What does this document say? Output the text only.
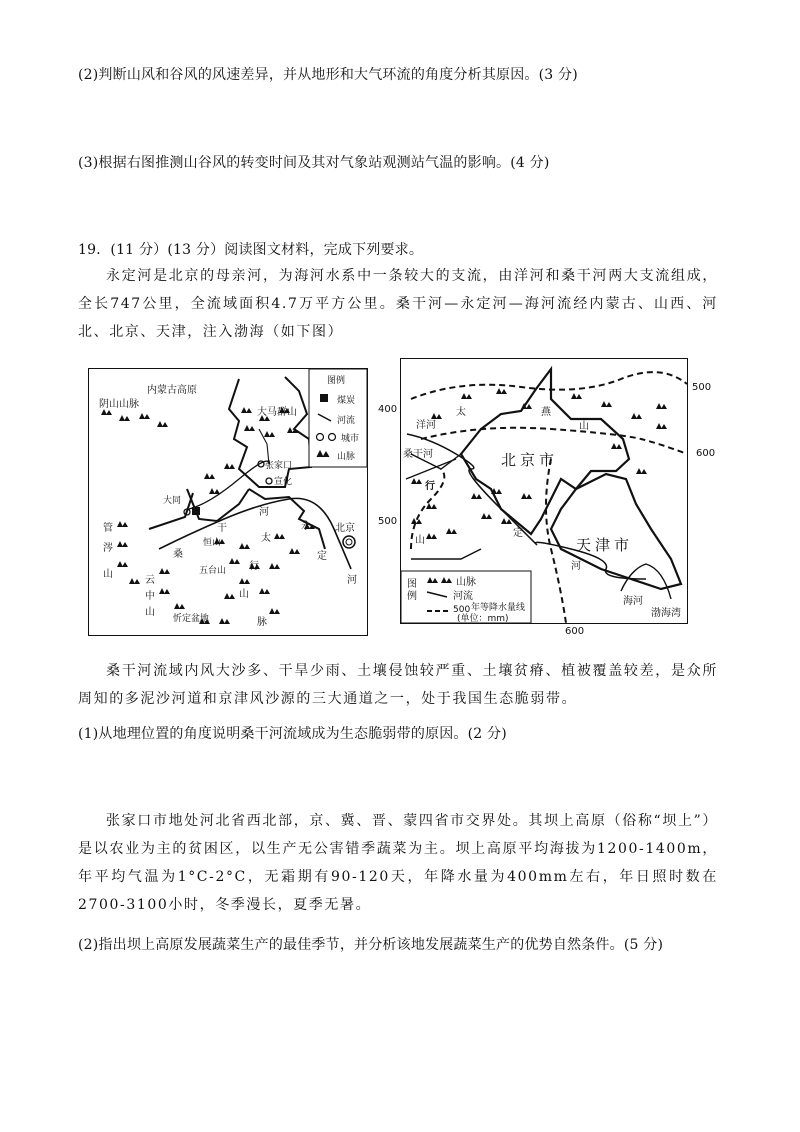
(2)判断山风和谷风的风速差异，并从地形和大气环流的角度分析其原因。(3 分)
(3)根据右图推测山谷风的转变时间及其对气象站观测站气温的影响。(4 分)
19．(11 分）(13 分）阅读图文材料，完成下列要求。
永定河是北京的母亲河，为海河水系中一条较大的支流，由洋河和桑干河两大支流组成，全长747公里，全流域面积4.7万平方公里。桑干河—永定河—海河流经内蒙古、山西、河北、北京、天津，注入渤海（如下图）
内蒙古高原
阴山山脉
大马群山
张家口
宣化
大同
北京
管
涔
山
云
中
山
桑
干
河
恒山
五台山
忻定盆地
太
行
山
脉
永
定
河
图例
煤炭
河流
城市
山脉	北京市
天津市
洋河
桑干河
太	燕
山
行
山
定
河
海河
渤海湾
图例
山脉
河流
500 年等降水量线
(单位：mm)
400
500
500
600
600
桑干河流域内风大沙多、干旱少雨、土壤侵蚀较严重、土壤贫瘠、植被覆盖较差，是众所周知的多泥沙河道和京津风沙源的三大通道之一，处于我国生态脆弱带。
(1)从地理位置的角度说明桑干河流域成为生态脆弱带的原因。(2 分)
张家口市地处河北省西北部，京、冀、晋、蒙四省市交界处。其坝上高原（俗称“坝上”）是以农业为主的贫困区，以生产无公害错季蔬菜为主。坝上高原平均海拔为1200-1400m，年平均气温为1°C-2°C，无霜期有90-120天，年降水量为400mm左右，年日照时数在2700-3100小时，冬季漫长，夏季无暑。
(2)指出坝上高原发展蔬菜生产的最佳季节，并分析该地发展蔬菜生产的优势自然条件。(5 分)
